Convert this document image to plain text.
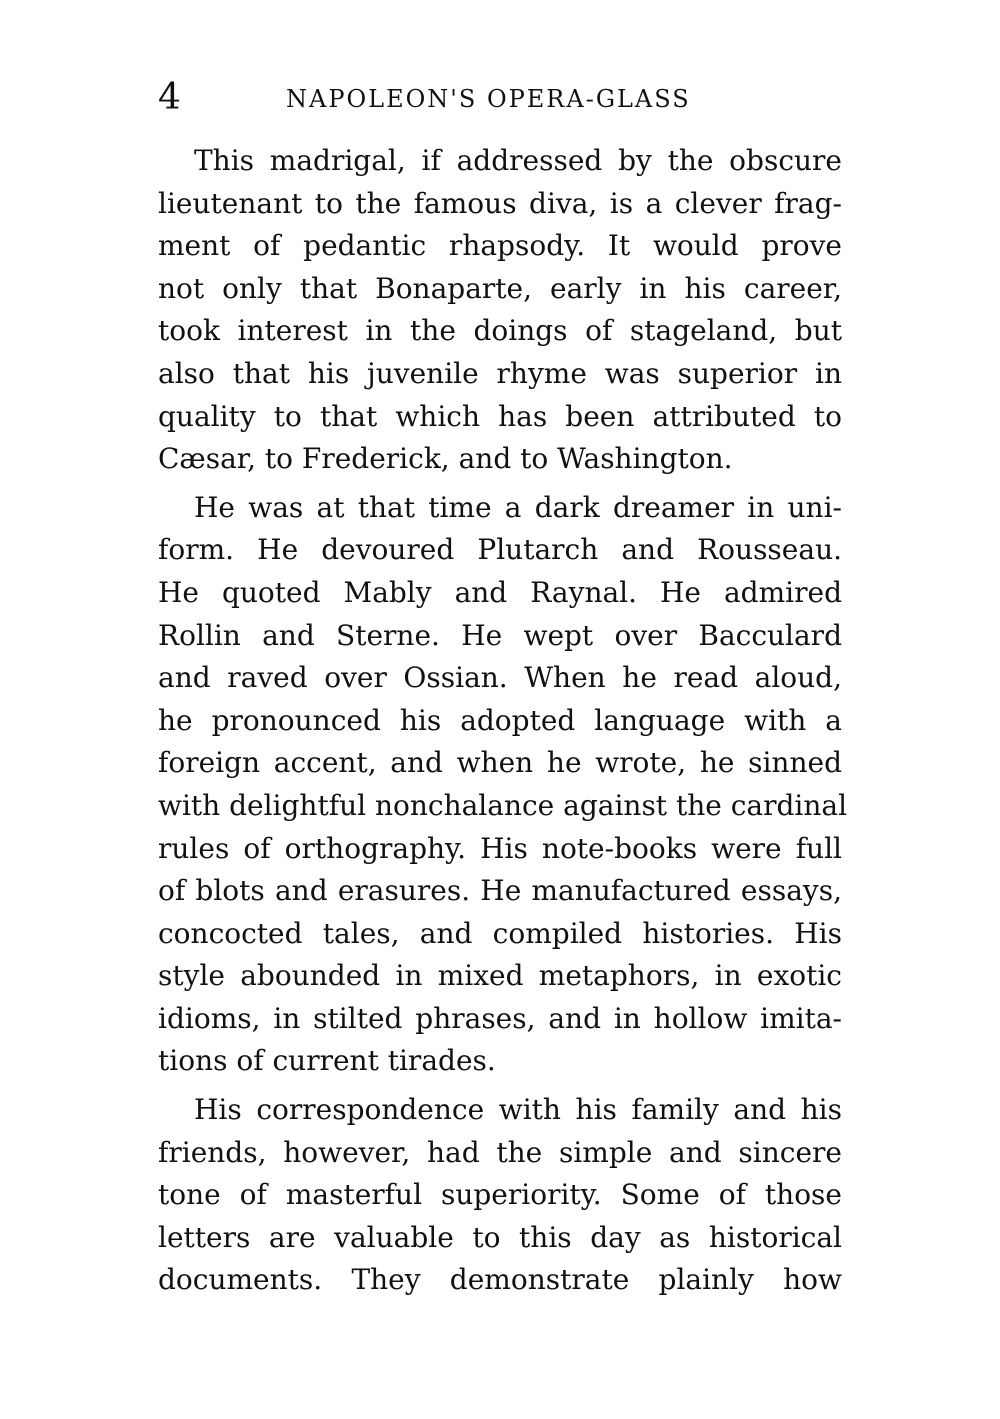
4	NAPOLEON'S OPERA-GLASS
This madrigal, if addressed by the obscure
lieutenant to the famous diva, is a clever frag-
ment of pedantic rhapsody. It would prove
not only that Bonaparte, early in his career,
took interest in the doings of stageland, but
also that his juvenile rhyme was superior in
quality to that which has been attributed to
Cæsar, to Frederick, and to Washington.
He was at that time a dark dreamer in uni-
form. He devoured Plutarch and Rousseau.
He quoted Mably and Raynal. He admired
Rollin and Sterne. He wept over Bacculard
and raved over Ossian. When he read aloud,
he pronounced his adopted language with a
foreign accent, and when he wrote, he sinned
with delightful nonchalance against the cardinal
rules of orthography. His note-books were full
of blots and erasures. He manufactured essays,
concocted tales, and compiled histories. His
style abounded in mixed metaphors, in exotic
idioms, in stilted phrases, and in hollow imita-
tions of current tirades.
His correspondence with his family and his
friends, however, had the simple and sincere
tone of masterful superiority. Some of those
letters are valuable to this day as historical
documents. They demonstrate plainly how
